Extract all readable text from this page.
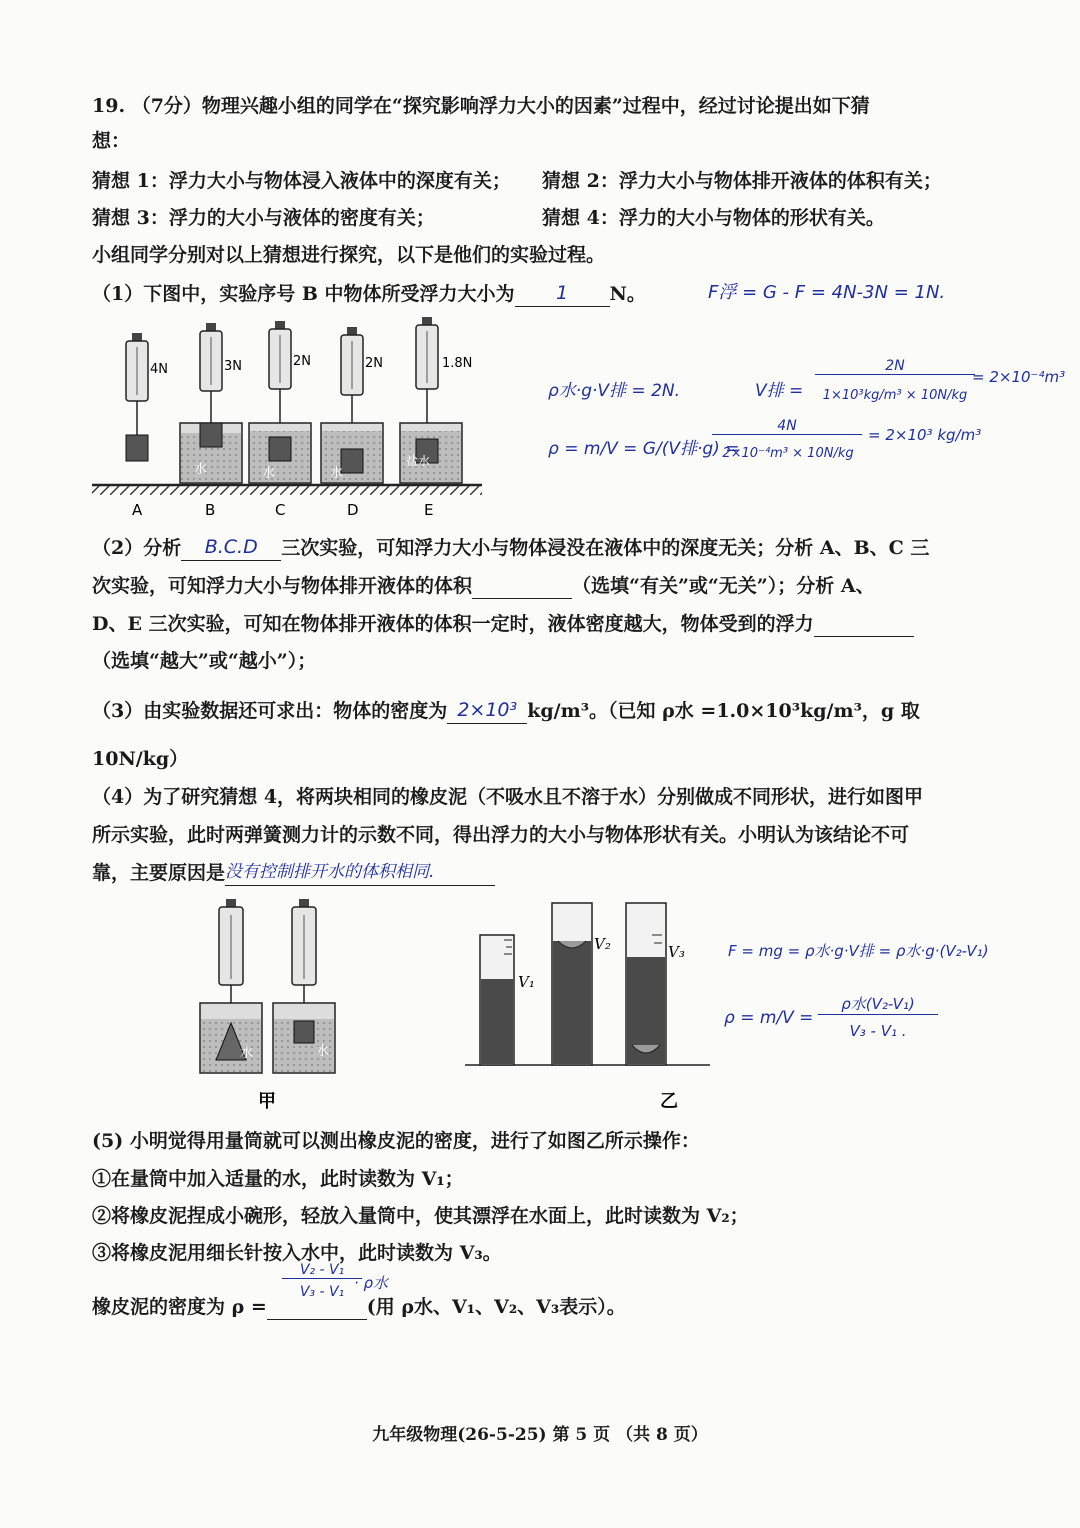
19. （7分）物理兴趣小组的同学在“探究影响浮力大小的因素”过程中，经过讨论提出如下猜
想：
猜想 1：浮力大小与物体浸入液体中的深度有关； 猜想 2：浮力大小与物体排开液体的体积有关；
猜想 3：浮力的大小与液体的密度有关；	猜想 4：浮力的大小与物体的形状有关。
小组同学分别对以上猜想进行探究，以下是他们的实验过程。
（1）下图中，实验序号 B 中物体所受浮力大小为 1 N。	F浮 = G - F = 4N-3N = 1N.
4N	3N	2N	2N	1.8N
水	水	水
盐水
A	B	C	D	E
ρ水·g·V排 = 2N.	V排 =
2N
1×10³kg/m³ × 10N/kg
= 2×10⁻⁴m³
ρ = m/V = G/(V排·g) =
4N
2×10⁻⁴m³ × 10N/kg
= 2×10³ kg/m³
（2）分析 B.C.D 三次实验，可知浮力大小与物体浸没在液体中的深度无关；分析 A、B、C 三
次实验，可知浮力大小与物体排开液体的体积	（选填“有关”或“无关”）；分析 A、
D、E 三次实验，可知在物体排开液体的体积一定时，液体密度越大，物体受到的浮力
（选填“越大”或“越小”）；
（3）由实验数据还可求出：物体的密度为 2×10³ kg/m³。（已知 ρ水 =1.0×10³kg/m³，g 取
10N/kg）
（4）为了研究猜想 4，将两块相同的橡皮泥（不吸水且不溶于水）分别做成不同形状，进行如图甲
所示实验，此时两弹簧测力计的示数不同，得出浮力的大小与物体形状有关。小明认为该结论不可
靠，主要原因是没有控制排开水的体积相同.
水	水
甲
V₁
V₂	V₃
乙
F = mg = ρ水·g·V排 = ρ水·g·(V₂-V₁)
ρ = m/V =
ρ水(V₂-V₁)
V₃ - V₁ .
(5) 小明觉得用量筒就可以测出橡皮泥的密度，进行了如图乙所示操作：
①在量筒中加入适量的水，此时读数为 V₁；
②将橡皮泥捏成小碗形，轻放入量筒中，使其漂浮在水面上，此时读数为 V₂；
③将橡皮泥用细长针按入水中，此时读数为 V₃。
橡皮泥的密度为 ρ =	(用 ρ水、V₁、V₂、V₃表示）。
V₂ - V₁
V₃ - V₁ · ρ水
九年级物理(26-5-25) 第 5 页 （共 8 页）
